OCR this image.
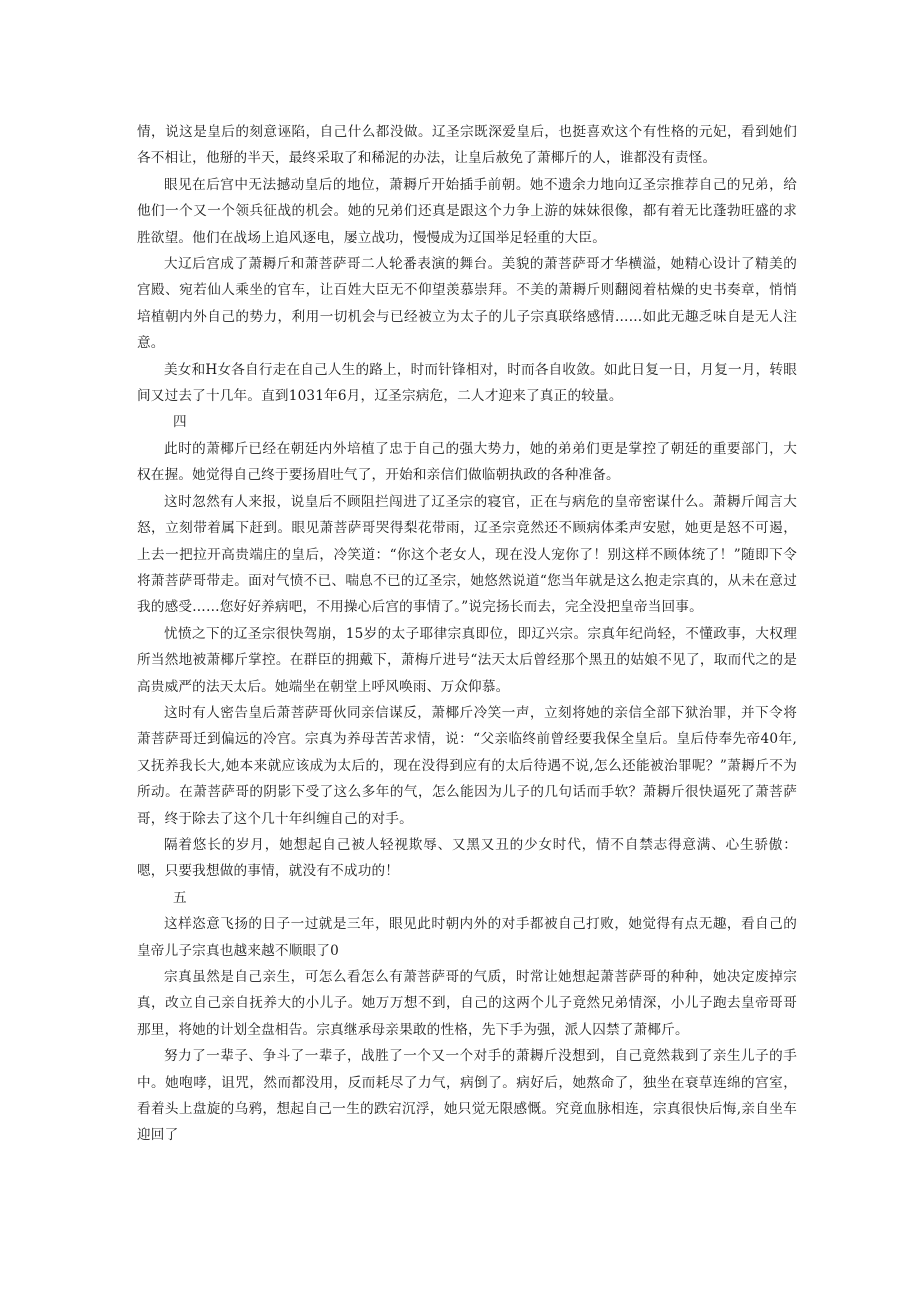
情，说这是皇后的刻意诬陷，自己什么都没做。辽圣宗既深爱皇后，也挺喜欢这个有性格的元妃，看到她们各不相让，他掰的半天，最终采取了和稀泥的办法，让皇后赦免了萧椰斤的人，谁都没有责怪。

眼见在后宫中无法撼动皇后的地位，萧耨斤开始插手前朝。她不遗余力地向辽圣宗推荐自己的兄弟，给他们一个又一个领兵征战的机会。她的兄弟们还真是跟这个力争上游的妹妹很像，都有着无比蓬勃旺盛的求胜欲望。他们在战场上追风逐电，屡立战功，慢慢成为辽国举足轻重的大臣。

大辽后宫成了萧耨斤和萧菩萨哥二人轮番表演的舞台。美貌的萧菩萨哥才华横溢，她精心设计了精美的宫殿、宛若仙人乘坐的官车，让百姓大臣无不仰望羡慕崇拜。不美的萧耨斤则翻阅着枯燥的史书奏章，悄悄培植朝内外自己的势力，利用一切机会与已经被立为太子的儿子宗真联络感情……如此无趣乏味自是无人注意。

美女和H女各自行走在自己人生的路上，时而针锋相对，时而各自收敛。如此日复一日，月复一月，转眼间又过去了十几年。直到1031年6月，辽圣宗病危，二人才迎来了真正的较量。

四

此时的萧椰斤已经在朝廷内外培植了忠于自己的强大势力，她的弟弟们更是掌控了朝廷的重要部门，大权在握。她觉得自己终于要扬眉吐气了，开始和亲信们做临朝执政的各种准备。

这时忽然有人来报，说皇后不顾阻拦闯进了辽圣宗的寝官，正在与病危的皇帝密谋什么。萧耨斤闻言大怒，立刻带着属下赶到。眼见萧菩萨哥哭得梨花带雨，辽圣宗竟然还不顾病体柔声安慰，她更是怒不可遏，上去一把拉开高贵端庄的皇后，冷笑道：“你这个老女人，现在没人宠你了！别这样不顾体统了！”随即下令将萧菩萨哥带走。面对气愤不已、喘息不已的辽圣宗，她悠然说道“您当年就是这么抱走宗真的，从未在意过我的感受……您好好养病吧，不用操心后宫的事情了。”说完扬长而去，完全没把皇帝当回事。

忧愤之下的辽圣宗很快驾崩，15岁的太子耶律宗真即位，即辽兴宗。宗真年纪尚轻，不懂政事，大权理所当然地被萧椰斤掌控。在群臣的拥戴下，萧梅斤进号“法天太后曾经那个黑丑的姑娘不见了，取而代之的是高贵威严的法天太后。她端坐在朝堂上呼风唤雨、万众仰慕。

这时有人密告皇后萧菩萨哥伙同亲信谋反，萧椰斤冷笑一声，立刻将她的亲信全部下狱治罪，并下令将萧菩萨哥迁到偏远的冷宫。宗真为养母苦苦求情，说：“父亲临终前曾经要我保全皇后。皇后侍奉先帝40年,又抚养我长大,她本来就应该成为太后的，现在没得到应有的太后待遇不说,怎么还能被治罪呢？”萧耨斤不为所动。在萧菩萨哥的阴影下受了这么多年的气，怎么能因为儿子的几句话而手软？萧耨斤很快逼死了萧菩萨哥，终于除去了这个几十年纠缠自己的对手。

隔着悠长的岁月，她想起自己被人轻视欺辱、又黑又丑的少女时代，情不自禁志得意满、心生骄傲：嗯，只要我想做的事情，就没有不成功的！

五

这样恣意飞扬的日子一过就是三年，眼见此时朝内外的对手都被自己打败，她觉得有点无趣，看自己的皇帝儿子宗真也越来越不顺眼了0

宗真虽然是自己亲生，可怎么看怎么有萧菩萨哥的气质，时常让她想起萧菩萨哥的种种，她决定废掉宗真，改立自己亲自抚养大的小儿子。她万万想不到，自己的这两个儿子竟然兄弟情深，小儿子跑去皇帝哥哥那里，将她的计划全盘相告。宗真继承母亲果敢的性格，先下手为强，派人囚禁了萧椰斤。

努力了一辈子、争斗了一辈子，战胜了一个又一个对手的萧耨斤没想到，自己竟然栽到了亲生儿子的手中。她咆哮，诅咒，然而都没用，反而耗尽了力气，病倒了。病好后，她熬命了，独坐在衰草连绵的宫室，看着头上盘旋的乌鸦，想起自己一生的跌宕沉浮，她只觉无限感慨。究竟血脉相连，宗真很快后悔,亲自坐车迎回了
